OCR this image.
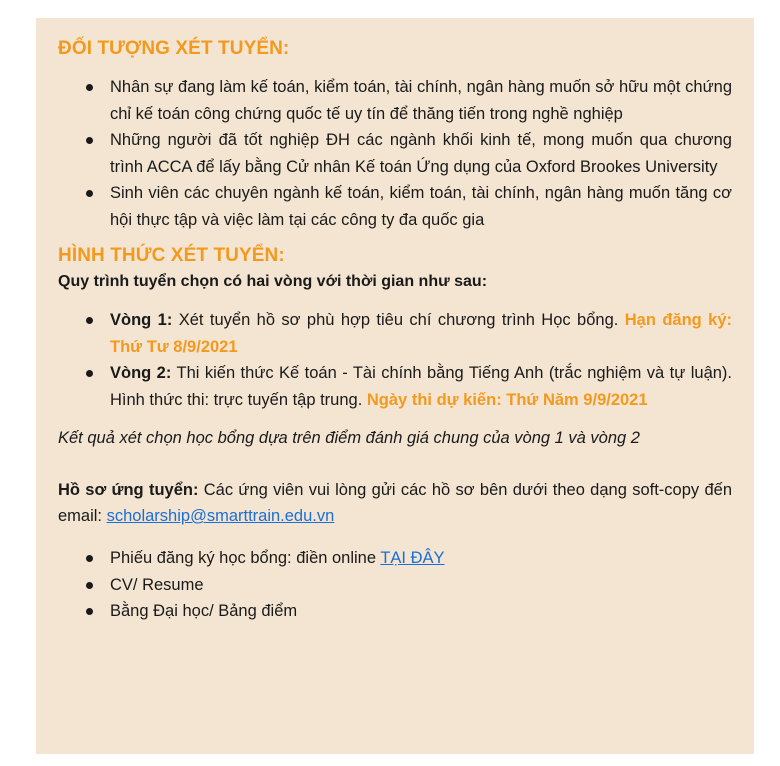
ĐỐI TƯỢNG XÉT TUYỂN:
Nhân sự đang làm kế toán, kiểm toán, tài chính, ngân hàng muốn sở hữu một chứng chỉ kế toán công chứng quốc tế uy tín để thăng tiến trong nghề nghiệp
Những người đã tốt nghiệp ĐH các ngành khối kinh tế, mong muốn qua chương trình ACCA để lấy bằng Cử nhân Kế toán Ứng dụng của Oxford Brookes University
Sinh viên các chuyên ngành kế toán, kiểm toán, tài chính, ngân hàng muốn tăng cơ hội thực tập và việc làm tại các công ty đa quốc gia
HÌNH THỨC XÉT TUYỂN:

Quy trình tuyển chọn có hai vòng với thời gian như sau:

Vòng 1: Xét tuyển hồ sơ phù hợp tiêu chí chương trình Học bổng. Hạn đăng ký: Thứ Tư 8/9/2021
Vòng 2: Thi kiến thức Kế toán - Tài chính bằng Tiếng Anh (trắc nghiệm và tự luận). Hình thức thi: trực tuyến tập trung. Ngày thi dự kiến: Thứ Năm 9/9/2021

Kết quả xét chọn học bổng dựa trên điểm đánh giá chung của vòng 1 và vòng 2

Hồ sơ ứng tuyển: Các ứng viên vui lòng gửi các hồ sơ bên dưới theo dạng soft-copy đến email: scholarship@smarttrain.edu.vn

Phiếu đăng ký học bổng: điền online TẠI ĐÂY
CV/ Resume
Bằng Đại học/ Bảng điểm
